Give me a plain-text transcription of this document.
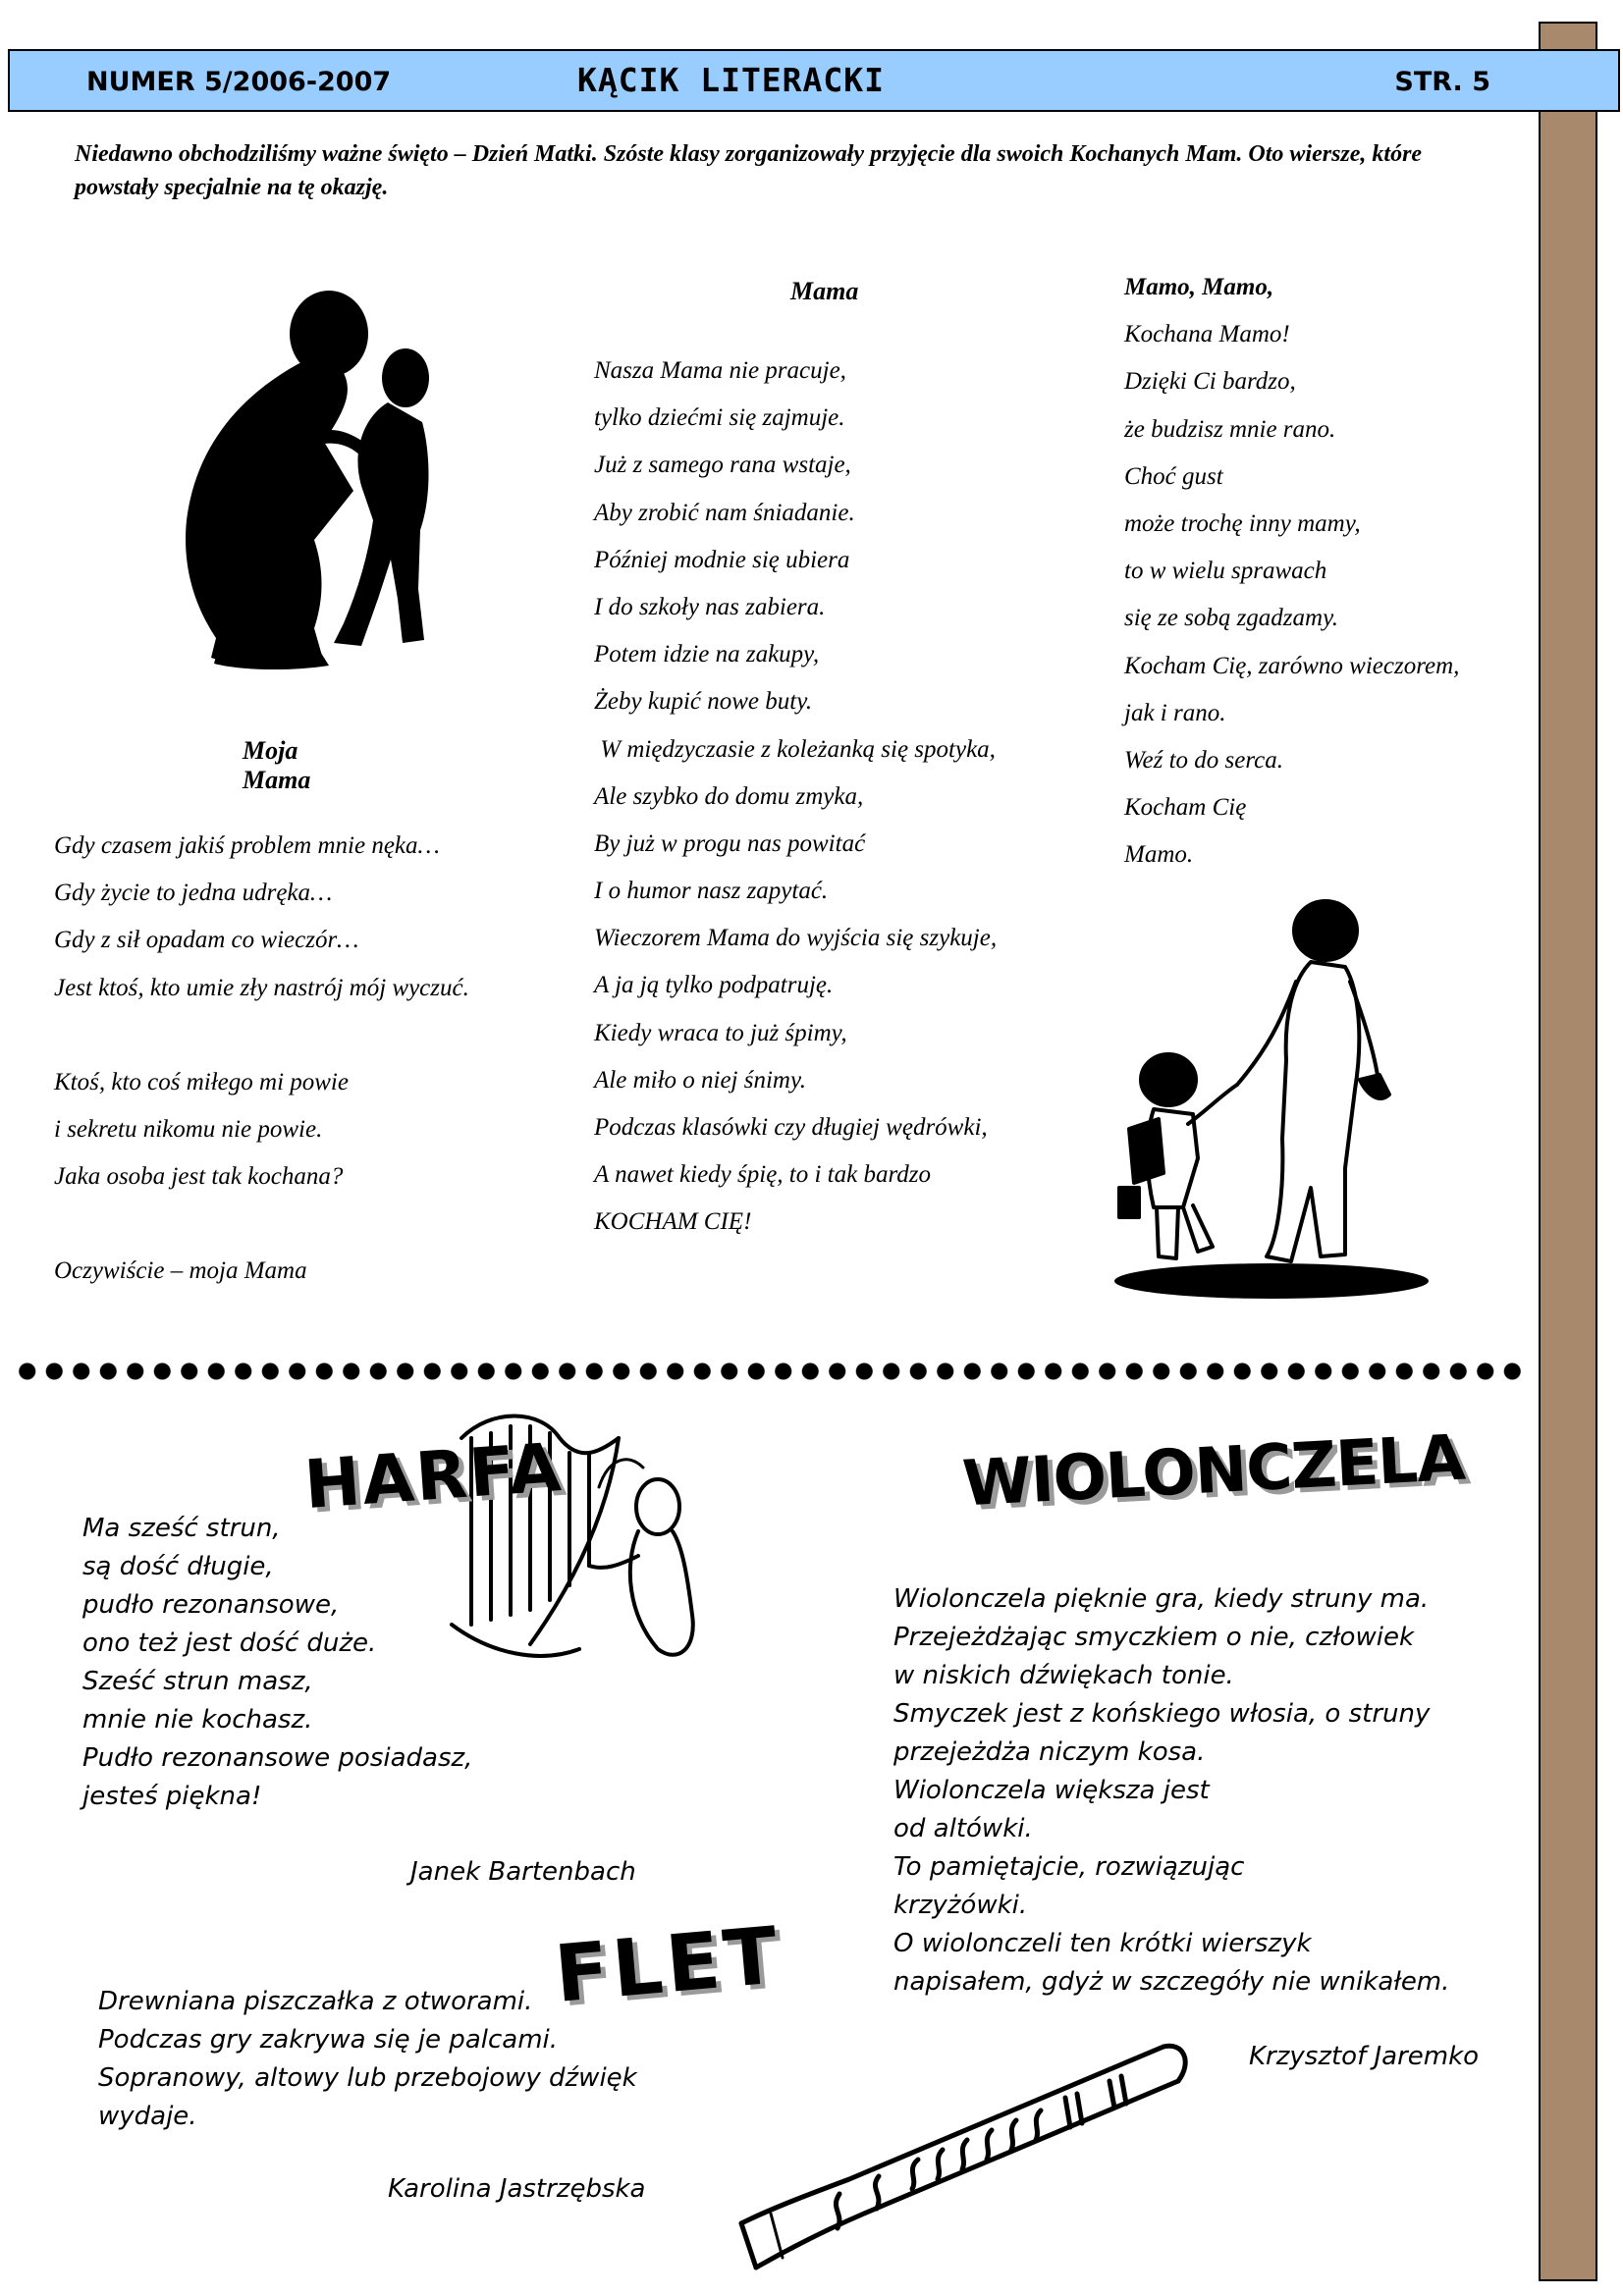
NUMER 5/2006-2007	KĄCIK LITERACKI	STR. 5
Niedawno obchodziliśmy ważne święto – Dzień Matki. Szóste klasy zorganizowały przyjęcie dla swoich Kochanych Mam. Oto wiersze, które powstały specjalnie na tę okazję.
Mama
Nasza Mama nie pracuje,
tylko dziećmi się zajmuje.
Już z samego rana wstaje,
Aby zrobić nam śniadanie.
Później modnie się ubiera
I do szkoły nas zabiera.
Potem idzie na zakupy,
Żeby kupić nowe buty.
W międzyczasie z koleżanką się spotyka,
Ale szybko do domu zmyka,
By już w progu nas powitać
I o humor nasz zapytać.
Wieczorem Mama do wyjścia się szykuje,
A ja ją tylko podpatruję.
Kiedy wraca to już śpimy,
Ale miło o niej śnimy.
Podczas klasówki czy długiej wędrówki,
A nawet kiedy śpię, to i tak bardzo
KOCHAM CIĘ!
Mamo, Mamo,
Kochana Mamo!
Dzięki Ci bardzo,
że budzisz mnie rano.
Choć gust
może trochę inny mamy,
to w wielu sprawach
się ze sobą zgadzamy.
Kocham Cię, zarówno wieczorem,
jak i rano.
Weź to do serca.
Kocham Cię
Mamo.
Moja Mama
Gdy czasem jakiś problem mnie nęka…
Gdy życie to jedna udręka…
Gdy z sił opadam co wieczór…
Jest ktoś, kto umie zły nastrój mój wyczuć.
Ktoś, kto coś miłego mi powie
i sekretu nikomu nie powie.
Jaka osoba jest tak kochana?
Oczywiście – moja Mama
HARFA
Ma sześć strun,
są dość długie,
pudło rezonansowe,
ono też jest dość duże.
Sześć strun masz,
mnie nie kochasz.
Pudło rezonansowe posiadasz,
jesteś piękna!
Janek Bartenbach
WIOLONCZELA
Wiolonczela pięknie gra, kiedy struny ma.
Przejeżdżając smyczkiem o nie, człowiek
w niskich dźwiękach tonie.
Smyczek jest z końskiego włosia, o struny
przejeżdża niczym kosa.
Wiolonczela większa jest
od altówki.
To pamiętajcie, rozwiązując
krzyżówki.
O wiolonczeli ten krótki wierszyk
napisałem, gdyż w szczegóły nie wnikałem.
Krzysztof Jaremko
FLET
Drewniana piszczałka z otworami.
Podczas gry zakrywa się je palcami.
Sopranowy, altowy lub przebojowy dźwięk
wydaje.
Karolina Jastrzębska
